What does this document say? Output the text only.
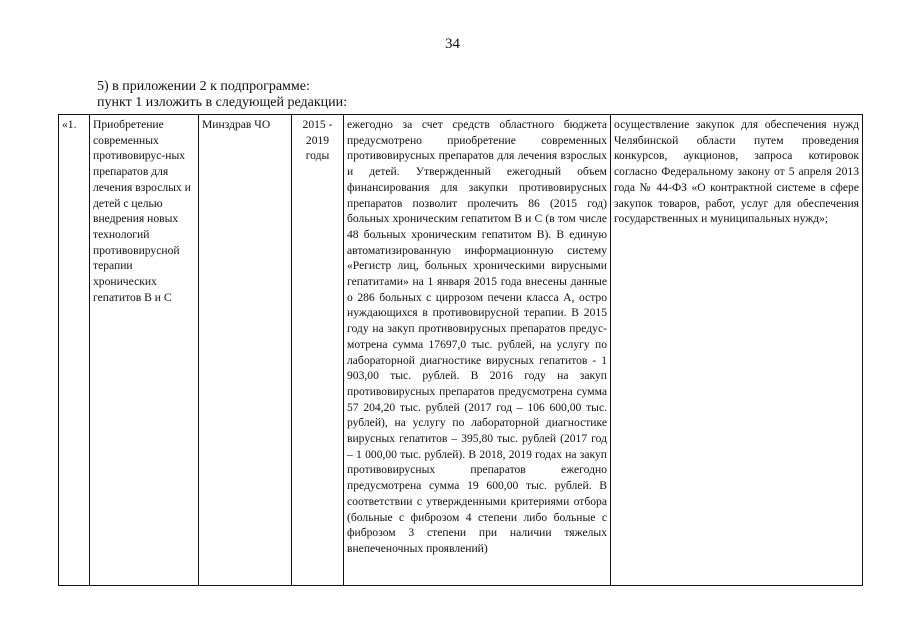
34
5) в приложении 2 к подпрограмме:
пункт 1 изложить в следующей редакции:
«1.	Приобретение современных противовирус-ных препаратов для лечения взрослых и детей с целью внедрения новых технологий противовирусной терапии хронических гепатитов В и С	Минздрав ЧО	2015 - 2019 годы	ежегодно за счет средств областного бюджета предусмотрено приобретение современных противовирусных препаратов для лечения взрослых и детей. Утвержденный ежегодный объем финансирования для закупки противовирусных препаратов позволит пролечить 86 (2015 год) больных хроническим гепатитом В и С (в том числе 48 больных хроническим гепатитом В). В единую автоматизированную информационную систему «Регистр лиц, больных хроническими вирусными гепатитами» на 1 января 2015 года внесены данные о 286 больных с циррозом печени класса А, остро нуждающихся в противовирусной терапии. В 2015 году на закуп противовирусных препаратов предус-мотрена сумма 17697,0 тыс. рублей, на услугу по лабораторной диагностике вирусных гепатитов - 1 903,00 тыс. рублей. В 2016 году на закуп противовирусных препаратов предусмотрена сумма 57 204,20 тыс. рублей (2017 год – 106 600,00 тыс. рублей), на услугу по лабораторной диагностике вирусных гепатитов – 395,80 тыс. рублей (2017 год – 1 000,00 тыс. рублей). В 2018, 2019 годах на закуп противовирусных препаратов ежегодно предусмотрена сумма 19 600,00 тыс. рублей. В соответствии с утвержденными критериями отбора (больные с фиброзом 4 степени либо больные с фиброзом 3 степени при наличии тяжелых внепеченочных проявлений)	осуществление закупок для обеспечения нужд Челябинской области путем проведения конкурсов, аукционов, запроса котировок согласно Федеральному закону от 5 апреля 2013 года № 44-ФЗ «О контрактной системе в сфере закупок товаров, работ, услуг для обеспечения государственных и муниципальных нужд»;
